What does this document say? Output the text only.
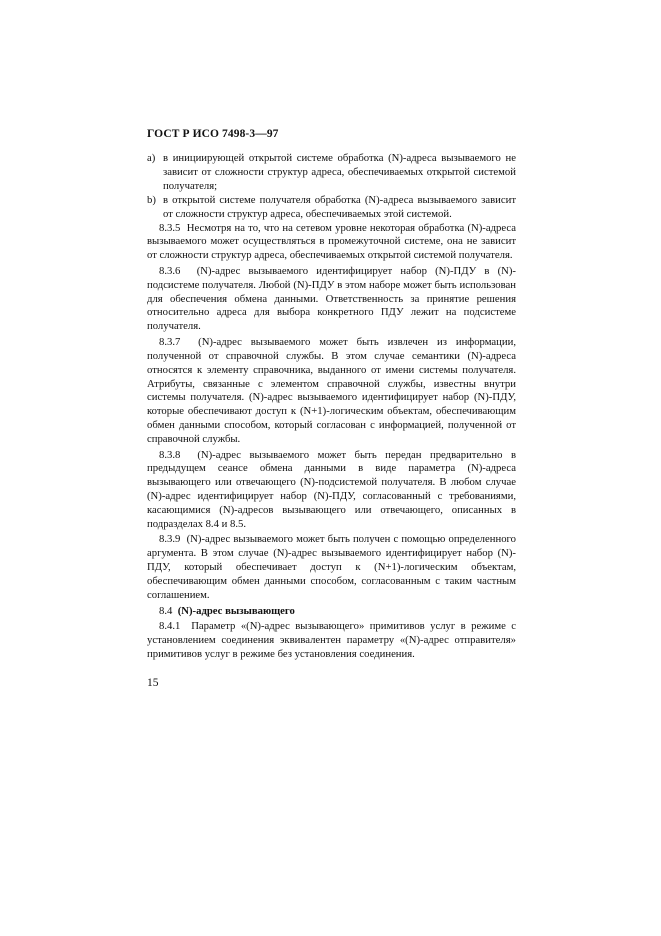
ГОСТ Р ИСО 7498-3—97
a) в инициирующей открытой системе обработка (N)-адреса вызываемого не зависит от сложности структур адреса, обеспечиваемых открытой системой получателя;
b) в открытой системе получателя обработка (N)-адреса вызываемого зависит от сложности структур адреса, обеспечиваемых этой системой.

8.3.5 Несмотря на то, что на сетевом уровне некоторая обработка (N)-адреса вызываемого может осуществляться в промежуточной системе, она не зависит от сложности структур адреса, обеспечиваемых открытой системой получателя.

8.3.6 (N)-адрес вызываемого идентифицирует набор (N)-ПДУ в (N)-подсистеме получателя. Любой (N)-ПДУ в этом наборе может быть использован для обеспечения обмена данными. Ответственность за принятие решения относительно адреса для выбора конкретного ПДУ лежит на подсистеме получателя.

8.3.7 (N)-адрес вызываемого может быть извлечен из информации, полученной от справочной службы. В этом случае семантики (N)-адреса относятся к элементу справочника, выданного от имени системы получателя. Атрибуты, связанные с элементом справочной службы, известны внутри системы получателя. (N)-адрес вызываемого идентифицирует набор (N)-ПДУ, которые обеспечивают доступ к (N+1)-логическим объектам, обеспечивающим обмен данными способом, который согласован с информацией, полученной от справочной службы.

8.3.8 (N)-адрес вызываемого может быть передан предварительно в предыдущем сеансе обмена данными в виде параметра (N)-адреса вызывающего или отвечающего (N)-подсистемой получателя. В любом случае (N)-адрес идентифицирует набор (N)-ПДУ, согласованный с требованиями, касающимися (N)-адресов вызывающего или отвечающего, описанных в подразделах 8.4 и 8.5.

8.3.9 (N)-адрес вызываемого может быть получен с помощью определенного аргумента. В этом случае (N)-адрес вызываемого идентифицирует набор (N)-ПДУ, который обеспечивает доступ к (N+1)-логическим объектам, обеспечивающим обмен данными способом, согласованным с таким частным соглашением.

8.4 (N)-адрес вызывающего

8.4.1 Параметр «(N)-адрес вызывающего» примитивов услуг в режиме с установлением соединения эквивалентен параметру «(N)-адрес отправителя» примитивов услуг в режиме без установления соединения.

15
